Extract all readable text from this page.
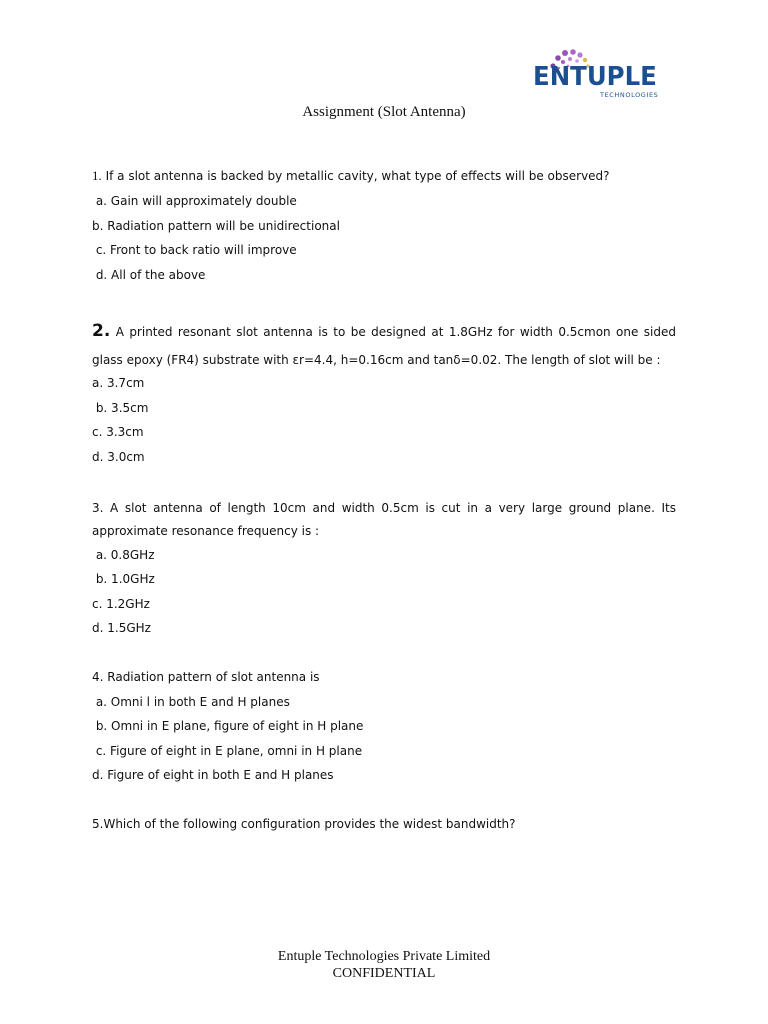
ENTUPLE
TECHNOLOGIES
Assignment (Slot Antenna)
1. If a slot antenna is backed by metallic cavity, what type of effects will be observed?
a. Gain will approximately double
b. Radiation pattern will be unidirectional
c. Front to back ratio will improve
d. All of the above
2. A printed resonant slot antenna is to be designed at 1.8GHz for width 0.5cmon one sided glass epoxy (FR4) substrate with εr=4.4, h=0.16cm and tanδ=0.02. The length of slot will be :
a. 3.7cm
b. 3.5cm
c. 3.3cm
d. 3.0cm
3. A slot antenna of length 10cm and width 0.5cm is cut in a very large ground plane. Its approximate resonance frequency is :
a. 0.8GHz
b. 1.0GHz
c. 1.2GHz
d. 1.5GHz
4. Radiation pattern of slot antenna is
a. Omni l in both E and H planes
b. Omni in E plane, figure of eight in H plane
c. Figure of eight in E plane, omni in H plane
d. Figure of eight in both E and H planes
5.Which of the following configuration provides the widest bandwidth?
Entuple Technologies Private Limited
CONFIDENTIAL
